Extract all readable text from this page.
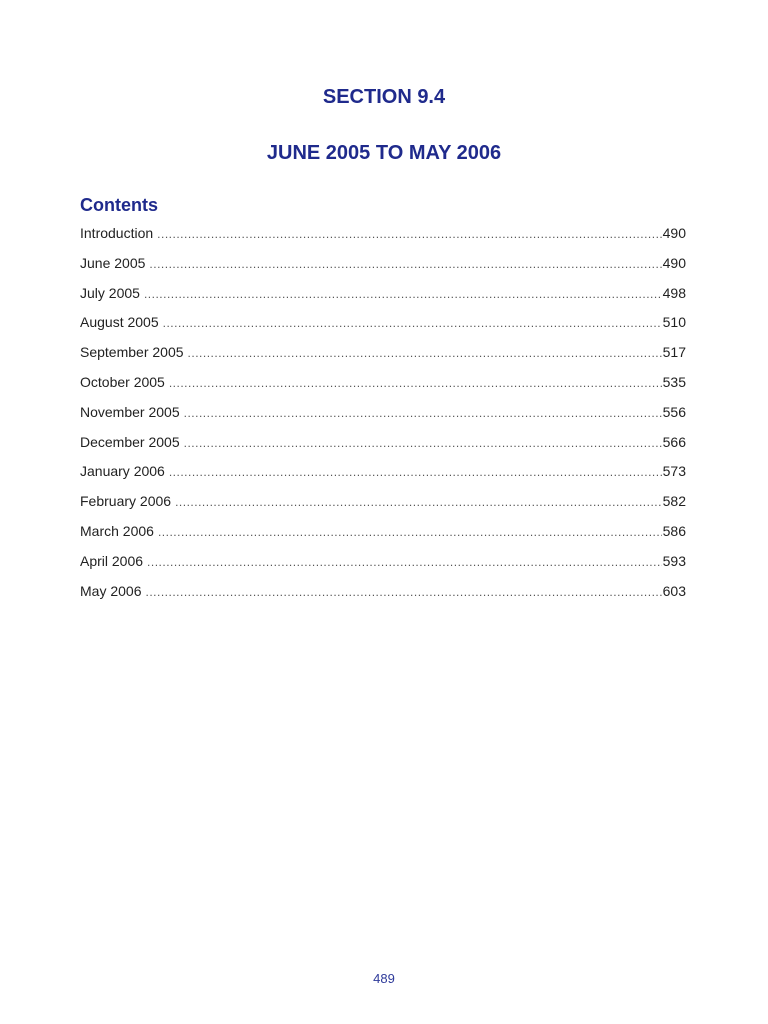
SECTION 9.4
JUNE 2005 TO MAY 2006
Contents
Introduction .....	490
June 2005 .....	490
July 2005 .....	498
August 2005 .....	510
September 2005 .....	517
October 2005 .....	535
November 2005 .....	556
December 2005 .....	566
January 2006 .....	573
February 2006 .....	582
March 2006 .....	586
April 2006 .....	593
May 2006 .....	603
489
